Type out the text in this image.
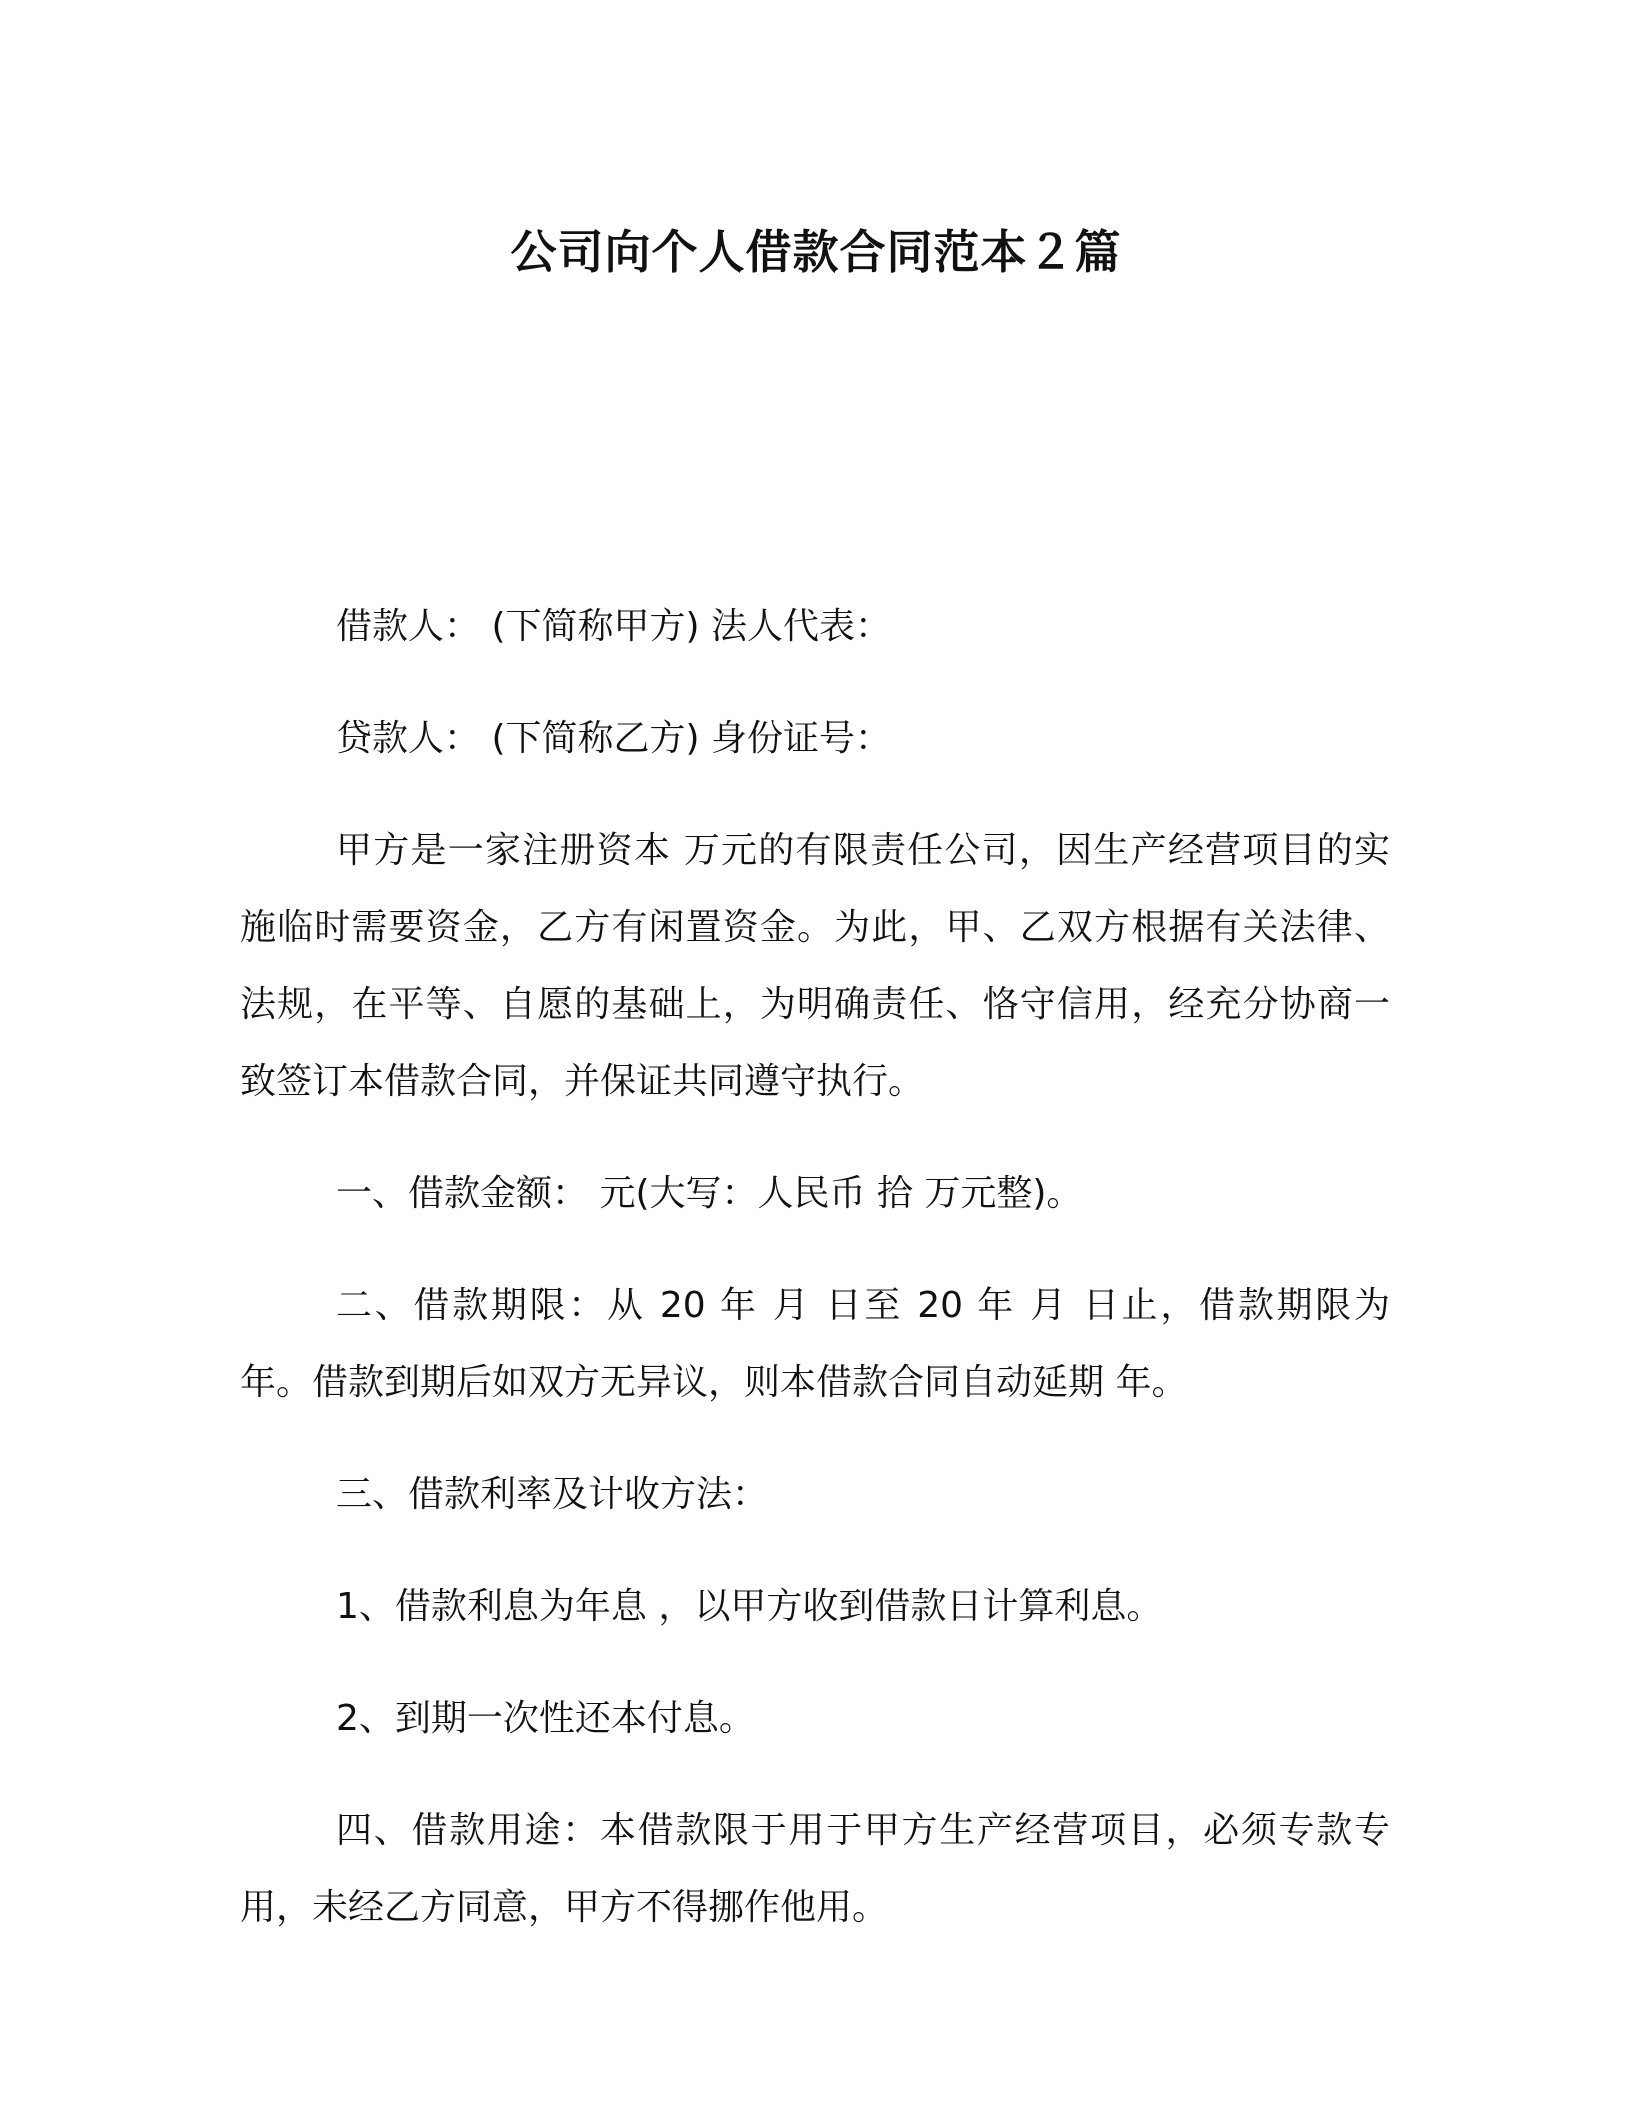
公司向个人借款合同范本２篇

借款人： (下简称甲方) 法人代表：

贷款人： (下简称乙方) 身份证号：

甲方是一家注册资本 万元的有限责任公司，因生产经营项目的实施临时需要资金，乙方有闲置资金。为此，甲、乙双方根据有关法律、法规，在平等、自愿的基础上，为明确责任、恪守信用，经充分协商一致签订本借款合同，并保证共同遵守执行。

一、借款金额： 元(大写：人民币 拾 万元整)。

二、借款期限：从 20 年 月 日至 20 年 月 日止，借款期限为 年。借款到期后如双方无异议，则本借款合同自动延期 年。

三、借款利率及计收方法：

1、借款利息为年息 ，以甲方收到借款日计算利息。

2、到期一次性还本付息。

四、借款用途：本借款限于用于甲方生产经营项目，必须专款专用，未经乙方同意，甲方不得挪作他用。
